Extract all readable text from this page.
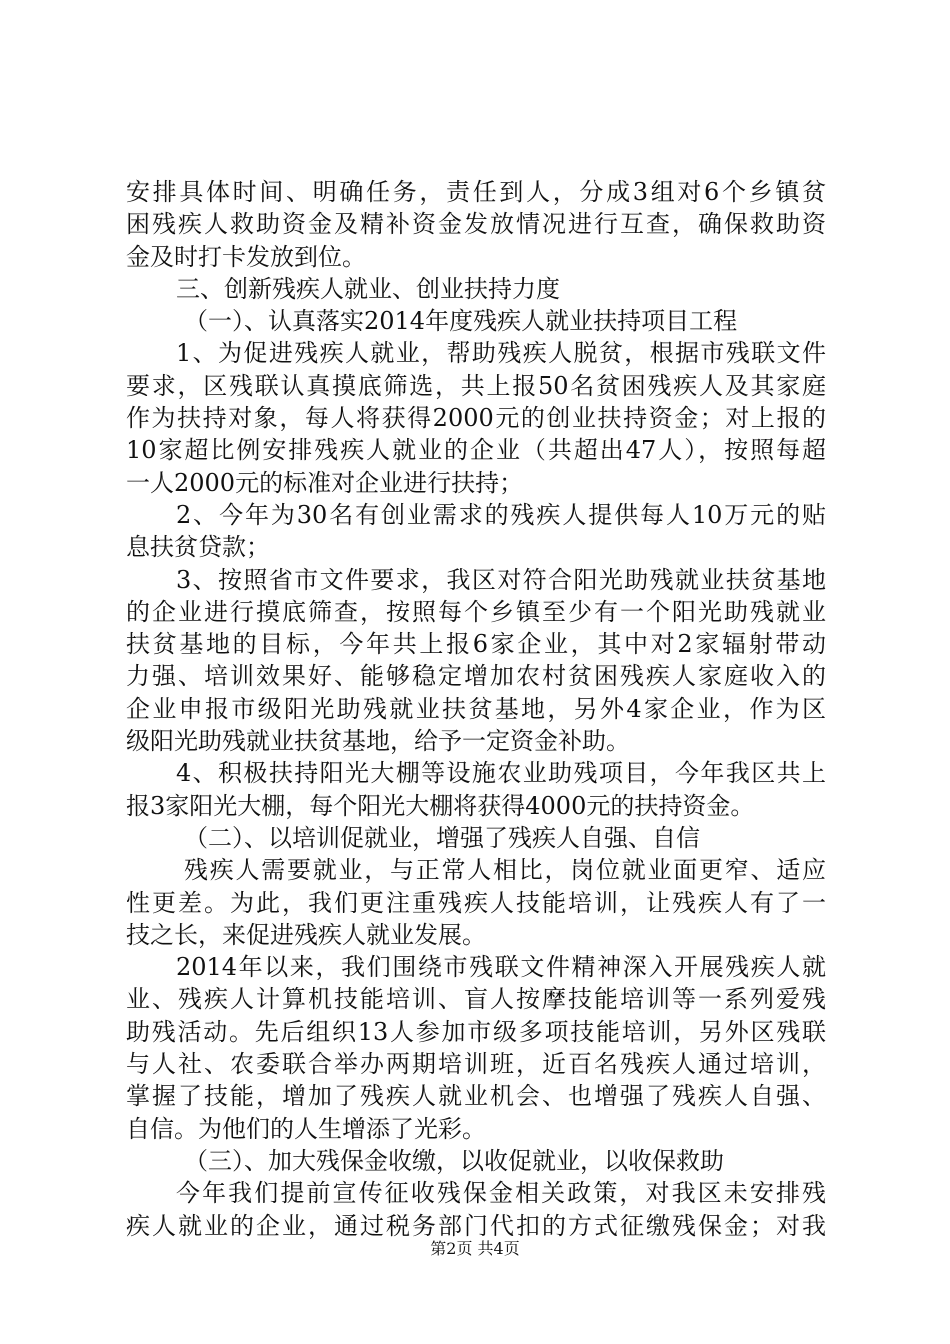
安排具体时间、明确任务，责任到人，分成3组对6个乡镇贫
困残疾人救助资金及精补资金发放情况进行互查，确保救助资
金及时打卡发放到位。
三、创新残疾人就业、创业扶持力度
（一）、认真落实2014年度残疾人就业扶持项目工程
1、为促进残疾人就业，帮助残疾人脱贫，根据市残联文件
要求，区残联认真摸底筛选，共上报50名贫困残疾人及其家庭
作为扶持对象，每人将获得2000元的创业扶持资金；对上报的
10家超比例安排残疾人就业的企业（共超出47人），按照每超
一人2000元的标准对企业进行扶持；
2、今年为30名有创业需求的残疾人提供每人10万元的贴
息扶贫贷款；
3、按照省市文件要求，我区对符合阳光助残就业扶贫基地
的企业进行摸底筛查，按照每个乡镇至少有一个阳光助残就业
扶贫基地的目标，今年共上报6家企业，其中对2家辐射带动
力强、培训效果好、能够稳定增加农村贫困残疾人家庭收入的
企业申报市级阳光助残就业扶贫基地，另外4家企业，作为区
级阳光助残就业扶贫基地，给予一定资金补助。
4、积极扶持阳光大棚等设施农业助残项目，今年我区共上
报3家阳光大棚，每个阳光大棚将获得4000元的扶持资金。
（二）、以培训促就业，增强了残疾人自强、自信
残疾人需要就业，与正常人相比，岗位就业面更窄、适应
性更差。为此，我们更注重残疾人技能培训，让残疾人有了一
技之长，来促进残疾人就业发展。
2014年以来，我们围绕市残联文件精神深入开展残疾人就
业、残疾人计算机技能培训、盲人按摩技能培训等一系列爱残
助残活动。先后组织13人参加市级多项技能培训，另外区残联
与人社、农委联合举办两期培训班，近百名残疾人通过培训，
掌握了技能，增加了残疾人就业机会、也增强了残疾人自强、
自信。为他们的人生增添了光彩。
（三）、加大残保金收缴，以收促就业，以收保救助
今年我们提前宣传征收残保金相关政策，对我区未安排残
疾人就业的企业，通过税务部门代扣的方式征缴残保金；对我
第2页 共4页
